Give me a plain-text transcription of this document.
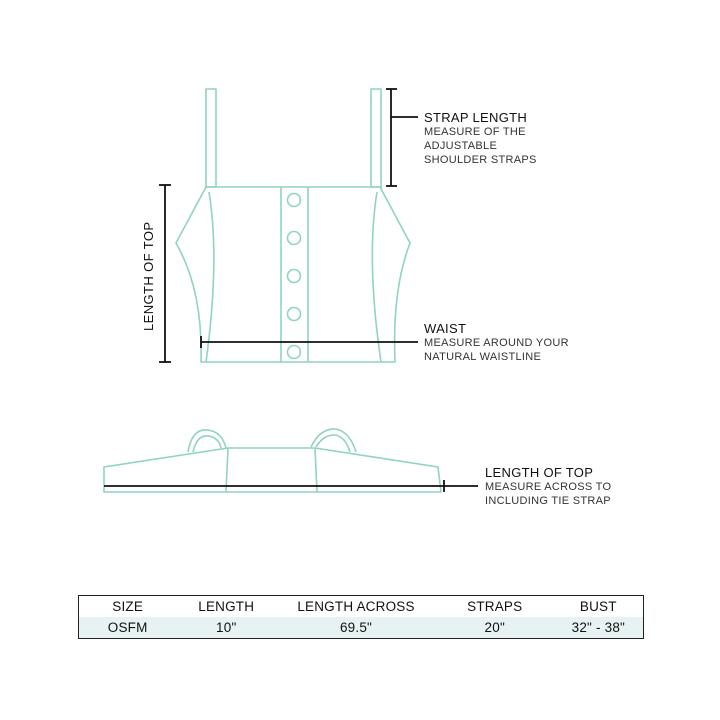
STRAP LENGTH
MEASURE OF THE
ADJUSTABLE
SHOULDER STRAPS
WAIST
MEASURE AROUND YOUR
NATURAL WAISTLINE
LENGTH OF TOP
LENGTH OF TOP
MEASURE ACROSS TO
INCLUDING TIE STRAP
SIZE	LENGTH	LENGTH ACROSS	STRAPS	BUST
OSFM	10"	69.5"	20"	32" - 38"
